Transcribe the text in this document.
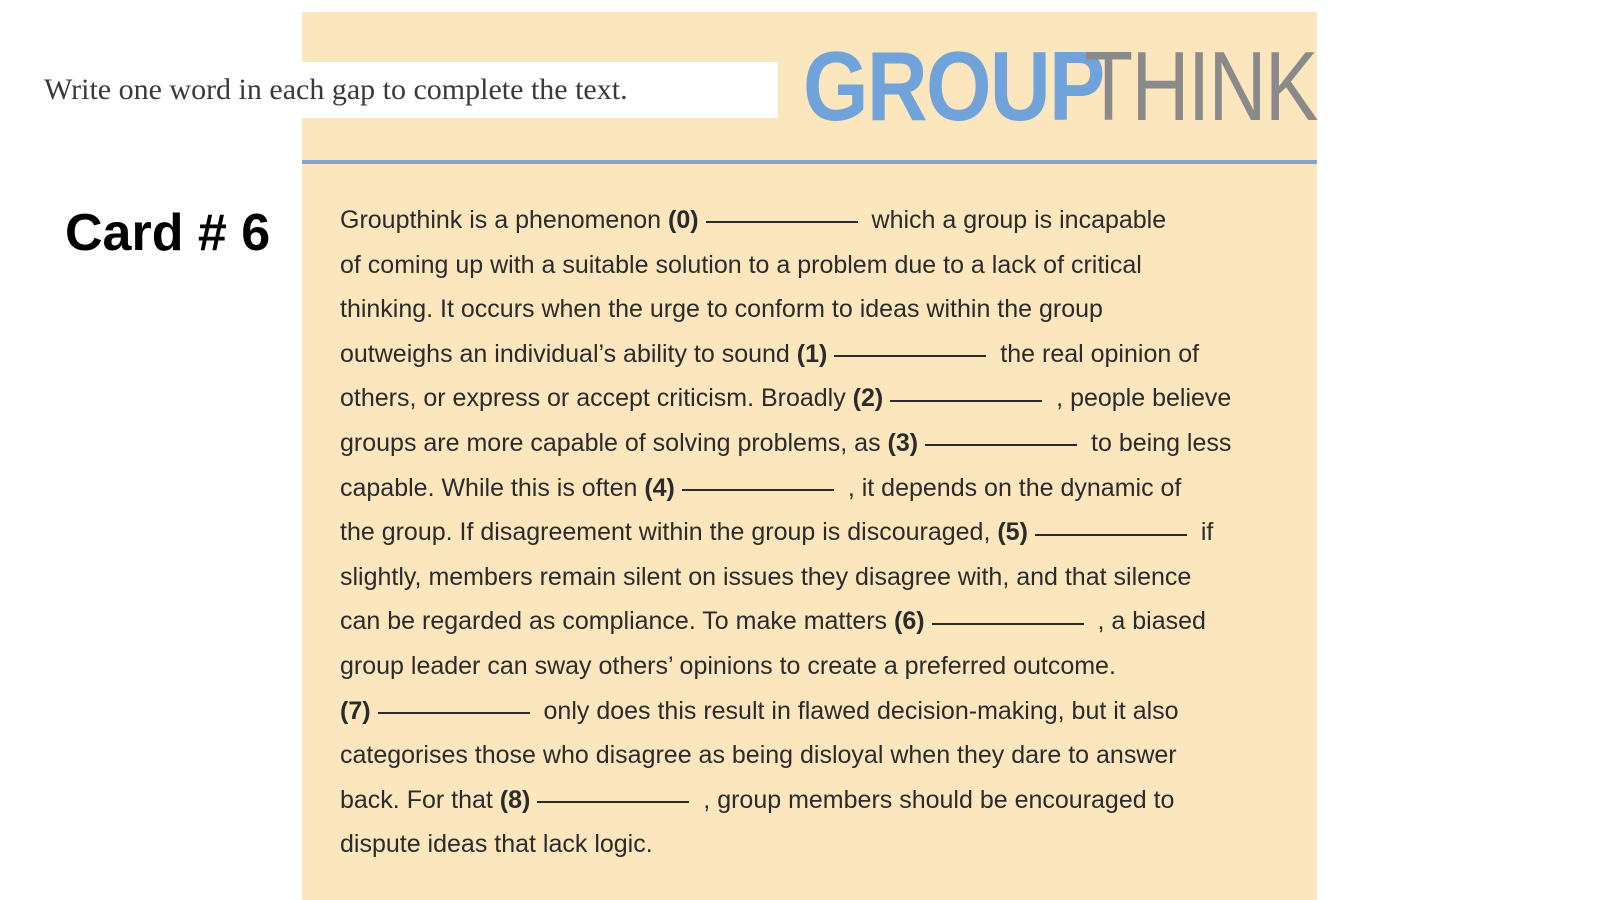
Write one word in each gap to complete the text.	GROUP
THINK
Card # 6	Groupthink is a phenomenon (0)	which a group is incapable
of coming up with a suitable solution to a problem due to a lack of critical
thinking. It occurs when the urge to conform to ideas within the group
outweighs an individual’s ability to sound (1)	the real opinion of
others, or express or accept criticism. Broadly (2)	, people believe
groups are more capable of solving problems, as (3)	to being less
capable. While this is often (4)	, it depends on the dynamic of
the group. If disagreement within the group is discouraged, (5)	if
slightly, members remain silent on issues they disagree with, and that silence
can be regarded as compliance. To make matters (6)	, a biased
group leader can sway others’ opinions to create a preferred outcome.
(7)	only does this result in flawed decision-making, but it also
categorises those who disagree as being disloyal when they dare to answer
back. For that (8)	, group members should be encouraged to
dispute ideas that lack logic.
